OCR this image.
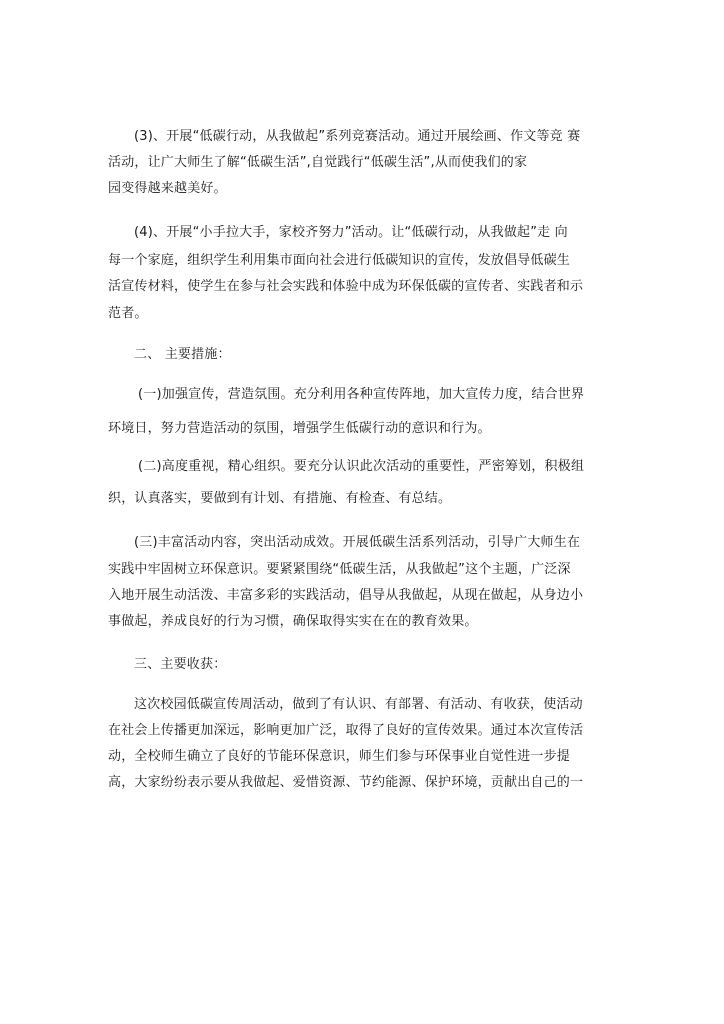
(3)、开展“低碳行动，从我做起”系列竞赛活动。通过开展绘画、作文等竞 赛
活动，让广大师生了解“低碳生活”,自觉践行“低碳生活”,从而使我们的家
园变得越来越美好。
(4)、开展“小手拉大手，家校齐努力”活动。让“低碳行动，从我做起”走 向
每一个家庭，组织学生利用集市面向社会进行低碳知识的宣传，发放倡导低碳生
活宣传材料，使学生在参与社会实践和体验中成为环保低碳的宣传者、实践者和示
范者。
二、 主要措施：
(一)加强宣传，营造氛围。充分利用各种宣传阵地，加大宣传力度，结合世界
环境日，努力营造活动的氛围，增强学生低碳行动的意识和行为。
(二)高度重视，精心组织。要充分认识此次活动的重要性，严密筹划，积极组
织，认真落实，要做到有计划、有措施、有检查、有总结。
(三)丰富活动内容，突出活动成效。开展低碳生活系列活动，引导广大师生在
实践中牢固树立环保意识。要紧紧围绕“低碳生活，从我做起”这个主题，广泛深
入地开展生动活泼、丰富多彩的实践活动，倡导从我做起，从现在做起，从身边小
事做起，养成良好的行为习惯，确保取得实实在在的教育效果。
三、主要收获：
这次校园低碳宣传周活动，做到了有认识、有部署、有活动、有收获，使活动
在社会上传播更加深远，影响更加广泛，取得了良好的宣传效果。通过本次宣传活
动，全校师生确立了良好的节能环保意识，师生们参与环保事业自觉性进一步提
高，大家纷纷表示要从我做起、爱惜资源、节约能源、保护环境，贡献出自己的一
